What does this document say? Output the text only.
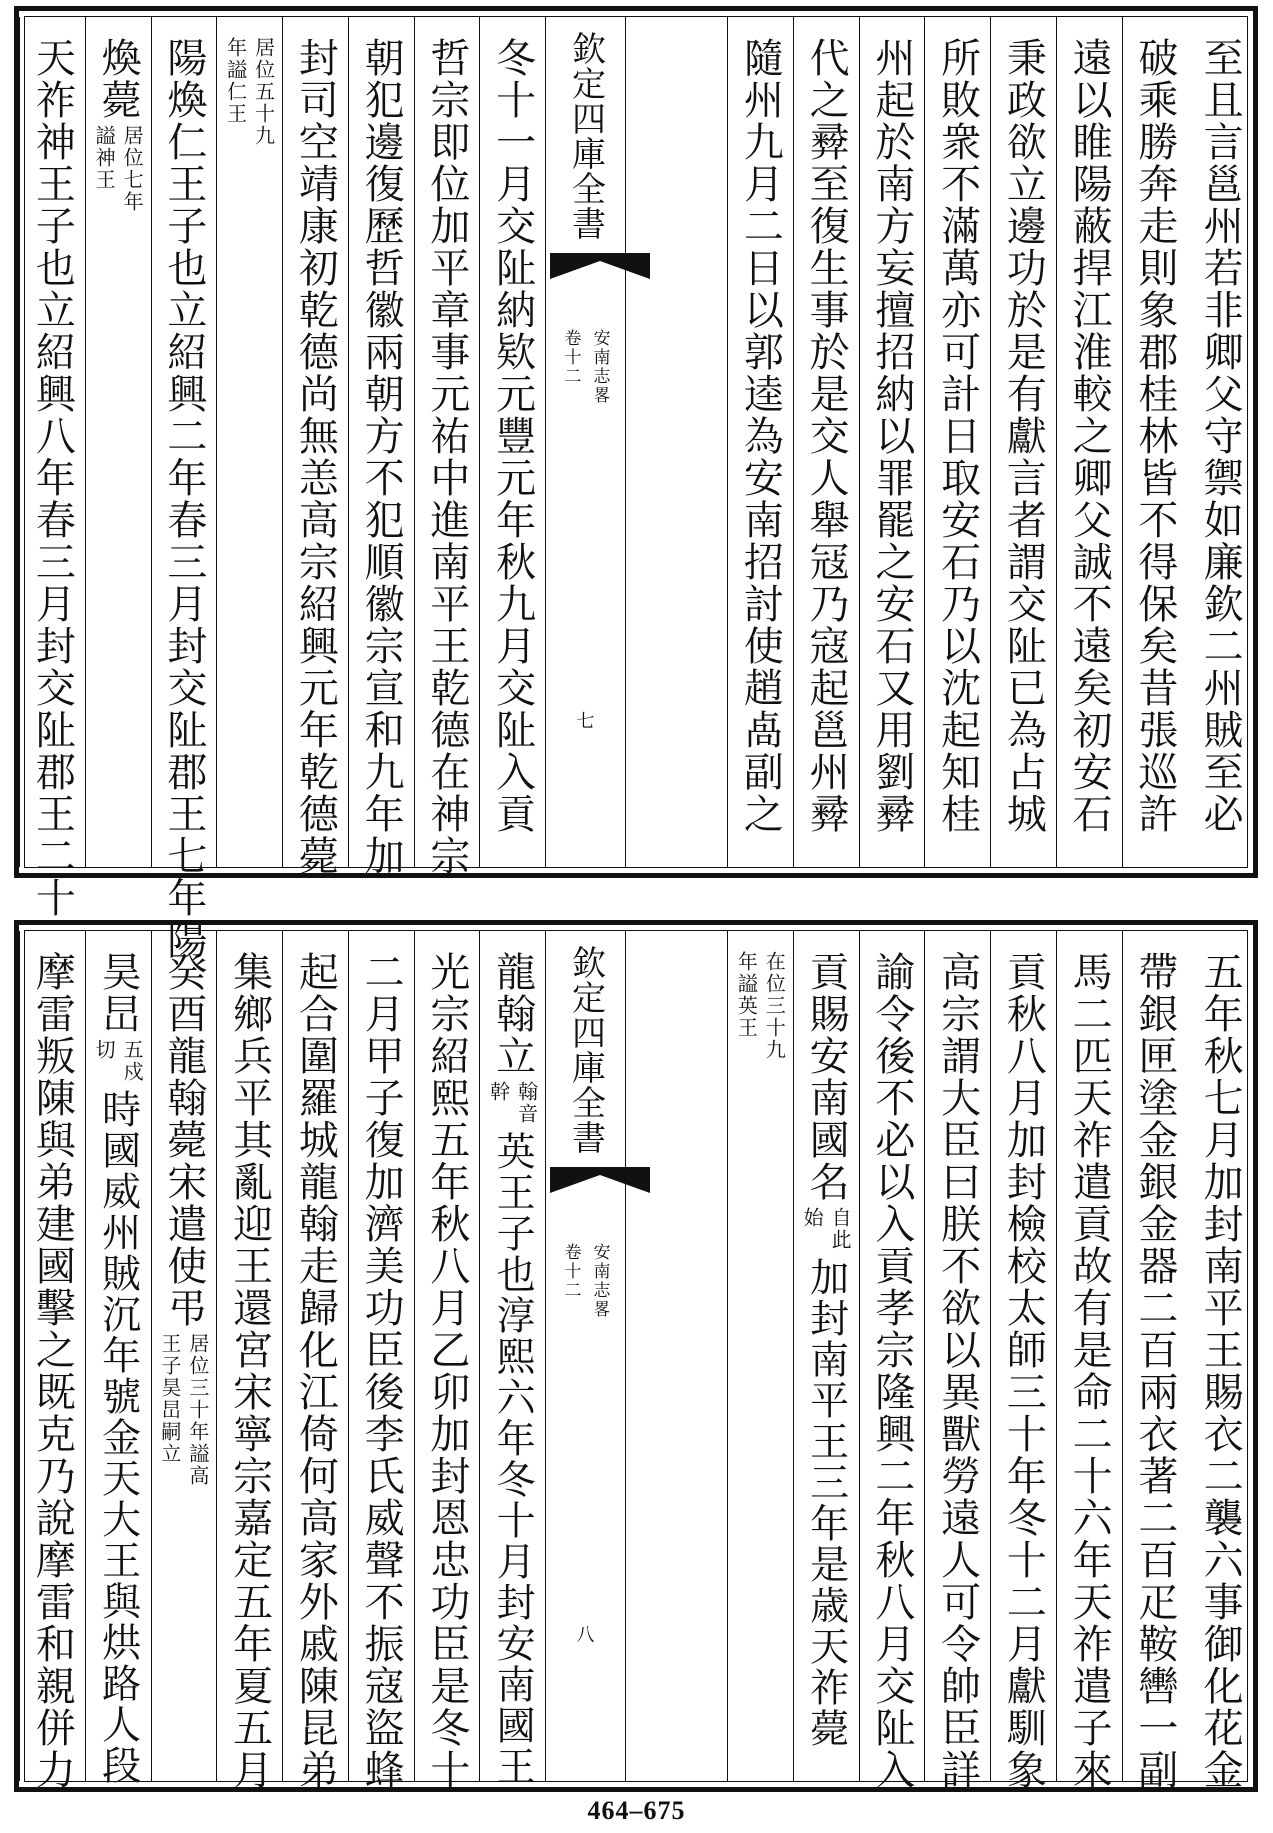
至且言邕州若非卿父守禦如廉欽二州賊至必
破乘勝奔走則象郡桂林皆不得保矣昔張巡許
遠以睢陽蔽捍江淮較之卿父誠不遠矣初安石
秉政欲立邊功於是有獻言者謂交阯已為占城
所敗衆不滿萬亦可計日取安石乃以沈起知桂
州起於南方妄擅招納以罪罷之安石又用劉彛
代之彛至復生事於是交人舉冦乃寇起邕州彛
隨州九月二日以郭逵為安南招討使趙卨副之
欽定四庫全書
安南志畧
卷十二
七
冬十一月交阯納欵元豐元年秋九月交阯入貢
哲宗即位加平章事元祐中進南平王乾德在神宗
朝犯邊復歷哲徽兩朝方不犯順徽宗宣和九年加
封司空靖康初乾德尚無恙高宗紹興元年乾德薨
居位五十九
年謚仁王
陽煥仁王子也立紹興二年春三月封交阯郡王七年陽
煥薨
居位七年
謚神王
天祚神王子也立紹興八年春三月封交阯郡王二十
五年秋七月加封南平王賜衣二襲六事御化花金
帶銀匣塗金銀金器二百兩衣著二百疋鞍轡一副
馬二匹天祚遣貢故有是命二十六年天祚遣子來
貢秋八月加封檢校太師三十年冬十二月獻馴象
高宗謂大臣曰朕不欲以異獸勞遠人可令帥臣詳
諭令後不必以入貢孝宗隆興二年秋八月交阯入
貢賜安南國名
自此
始
加封南平王三年是歳天祚薨
在位三十九
年謚英王
欽定四庫全書
安南志畧
卷十二
八
龍翰立
翰音
幹
英王子也淳熙六年冬十月封安南國王
光宗紹熙五年秋八月乙卯加封恩忠功臣是冬十
二月甲子復加濟美功臣後李氏威聲不振寇盜蜂
起合圍羅城龍翰走歸化江倚何高家外戚陳昆弟
集鄉兵平其亂迎王還宮宋寧宗嘉定五年夏五月
癸酉龍翰薨宋遣使弔
居位三十年謚高
王子昊旵嗣立
昊旵
五戍
切
時國威州賊沉年號金天大王與烘路人段
摩雷叛陳與弟建國擊之既克乃說摩雷和親併力
464–675
